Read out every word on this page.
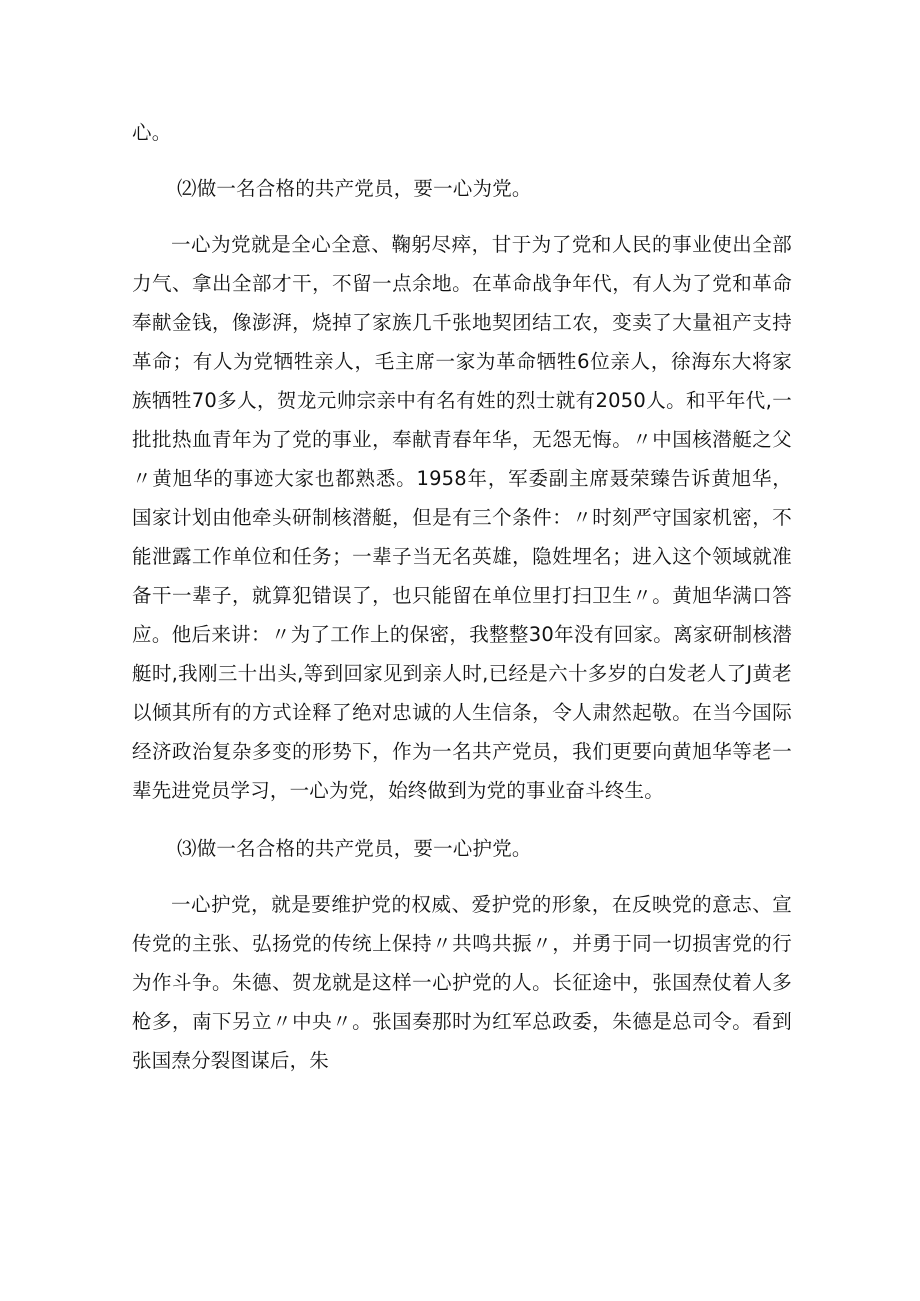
心。

⑵做一名合格的共产党员，要一心为党。

一心为党就是全心全意、鞠躬尽瘁，甘于为了党和人民的事业使出全部力气、拿出全部才干，不留一点余地。在革命战争年代，有人为了党和革命奉献金钱，像澎湃，烧掉了家族几千张地契团结工农，变卖了大量祖产支持革命；有人为党牺牲亲人，毛主席一家为革命牺牲6位亲人，徐海东大将家族牺牲70多人，贺龙元帅宗亲中有名有姓的烈士就有2050人。和平年代,一批批热血青年为了党的事业，奉献青春年华，无怨无悔。〃中国核潜艇之父〃黄旭华的事迹大家也都熟悉。1958年，军委副主席聂荣臻告诉黄旭华，国家计划由他牵头研制核潜艇，但是有三个条件：〃时刻严守国家机密，不能泄露工作单位和任务；一辈子当无名英雄，隐姓埋名；进入这个领域就准备干一辈子，就算犯错误了，也只能留在单位里打扫卫生〃。黄旭华满口答应。他后来讲：〃为了工作上的保密，我整整30年没有回家。离家研制核潜艇时,我刚三十出头,等到回家见到亲人时,已经是六十多岁的白发老人了J黄老以倾其所有的方式诠释了绝对忠诚的人生信条，令人肃然起敬。在当今国际经济政治复杂多变的形势下，作为一名共产党员，我们更要向黄旭华等老一辈先进党员学习，一心为党，始终做到为党的事业奋斗终生。

⑶做一名合格的共产党员，要一心护党。

一心护党，就是要维护党的权威、爱护党的形象，在反映党的意志、宣传党的主张、弘扬党的传统上保持〃共鸣共振〃，并勇于同一切损害党的行为作斗争。朱德、贺龙就是这样一心护党的人。长征途中，张国焘仗着人多枪多，南下另立〃中央〃。张国奏那时为红军总政委，朱德是总司令。看到张国焘分裂图谋后，朱
